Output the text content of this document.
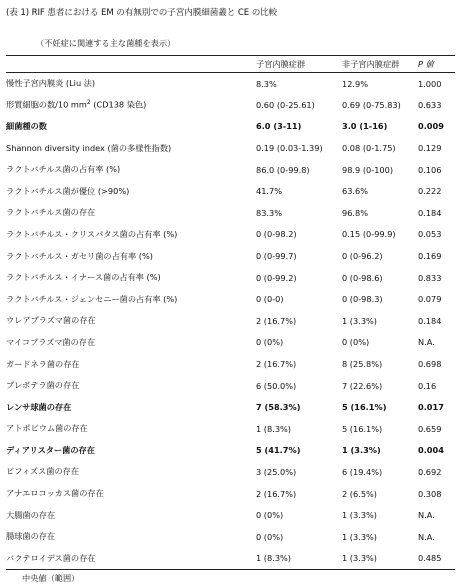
(表 1) RIF 患者における EM の有無別での子宮内膜細菌叢と CE の比較
（不妊症に関連する主な菌種を表示）
	子宮内膜症群	非子宮内膜症群	P 値
慢性子宮内膜炎 (Liu 法)	8.3%	12.9%	1.000
形質細胞の数/10 $mm^2$ (CD138 染色)	0.60 (0-25.61)	0.69 (0-75.83)	0.633
細菌種の数	6.0 (3-11)	3.0 (1-16)	0.009
Shannon diversity index (菌の多様性指数)	0.19 (0.03-1.39)	0.08 (0-1.75)	0.129
ラクトバチルス菌の占有率 (%)	86.0 (0-99.8)	98.9 (0-100)	0.106
ラクトバチルス菌が優位 (>90%)	41.7%	63.6%	0.222
ラクトバチルス菌の存在	83.3%	96.8%	0.184
ラクトバチルス・クリスパタス菌の占有率 (%)	0 (0-98.2)	0.15 (0-99.9)	0.053
ラクトバチルス・ガセリ菌の占有率 (%)	0 (0-99.7)	0 (0-96.2)	0.169
ラクトバチルス・イナース菌の占有率 (%)	0 (0-99.2)	0 (0-98.6)	0.833
ラクトバチルス・ジェンセニー菌の占有率 (%)	0 (0-0)	0 (0-98.3)	0.079
ウレアプラズマ菌の存在	2 (16.7%)	1 (3.3%)	0.184
マイコプラズマ菌の存在	0 (0%)	0 (0%)	N.A.
ガードネラ菌の存在	2 (16.7%)	8 (25.8%)	0.698
プレボテラ菌の存在	6 (50.0%)	7 (22.6%)	0.16
レンサ球菌の存在	7 (58.3%)	5 (16.1%)	0.017
アトポビウム菌の存在	1 (8.3%)	5 (16.1%)	0.659
ディアリスター菌の存在	5 (41.7%)	1 (3.3%)	0.004
ビフィズス菌の存在	3 (25.0%)	6 (19.4%)	0.692
アナエロコッカス菌の存在	2 (16.7%)	2 (6.5%)	0.308
大腸菌の存在	0 (0%)	1 (3.3%)	N.A.
腸球菌の存在	0 (0%)	1 (3.3%)	N.A.
バクテロイデス菌の存在	1 (8.3%)	1 (3.3%)	0.485
中央値（範囲）
